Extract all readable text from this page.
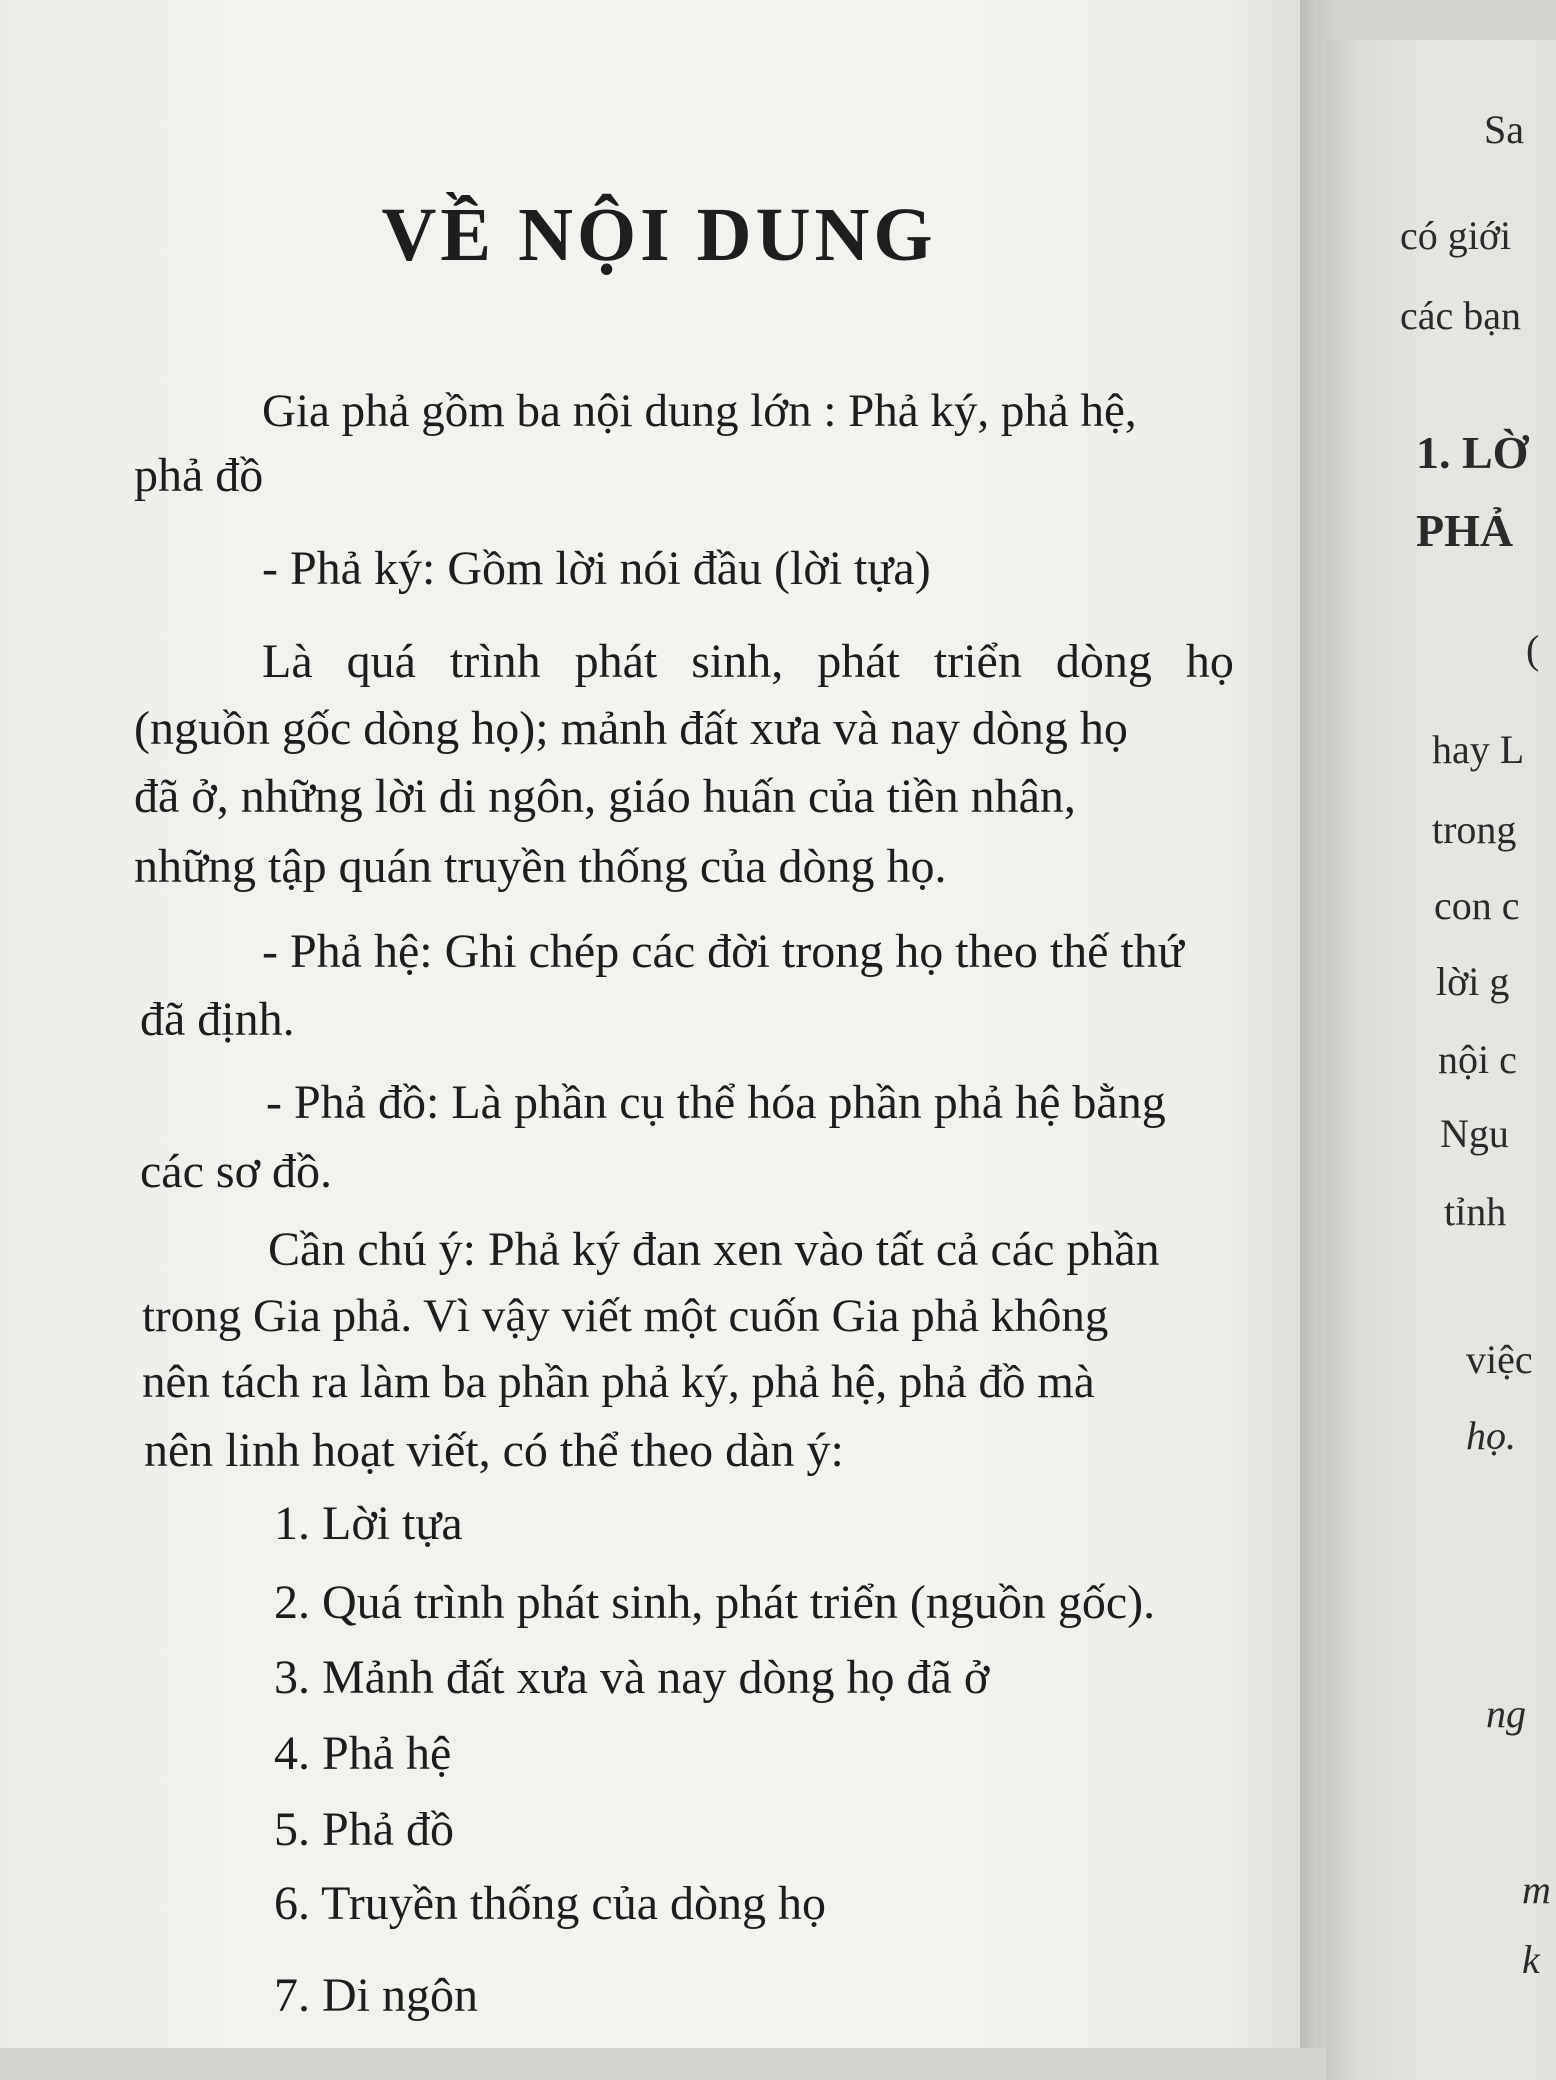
VỀ NỘI DUNG
Gia phả gồm ba nội dung lớn : Phả ký, phả hệ,
phả đồ
- Phả ký: Gồm lời nói đầu (lời tựa)
Là quá trình phát sinh, phát triển dòng họ
(nguồn gốc dòng họ); mảnh đất xưa và nay dòng họ
đã ở, những lời di ngôn, giáo huấn của tiền nhân,
những tập quán truyền thống của dòng họ.
- Phả hệ: Ghi chép các đời trong họ theo thế thứ
đã định.
- Phả đồ: Là phần cụ thể hóa phần phả hệ bằng
các sơ đồ.
Cần chú ý: Phả ký đan xen vào tất cả các phần
trong Gia phả. Vì vậy viết một cuốn Gia phả không
nên tách ra làm ba phần phả ký, phả hệ, phả đồ mà
nên linh hoạt viết, có thể theo dàn ý:
1. Lời tựa
2. Quá trình phát sinh, phát triển (nguồn gốc).
3. Mảnh đất xưa và nay dòng họ đã ở
4. Phả hệ
5. Phả đồ
6. Truyền thống của dòng họ
7. Di ngôn
Sa
có giới
các bạn
1. LỜ
PHẢ
(
hay L
trong
con c
lời g
nội c
Ngu
tỉnh
việc
họ.
ng
m
k
